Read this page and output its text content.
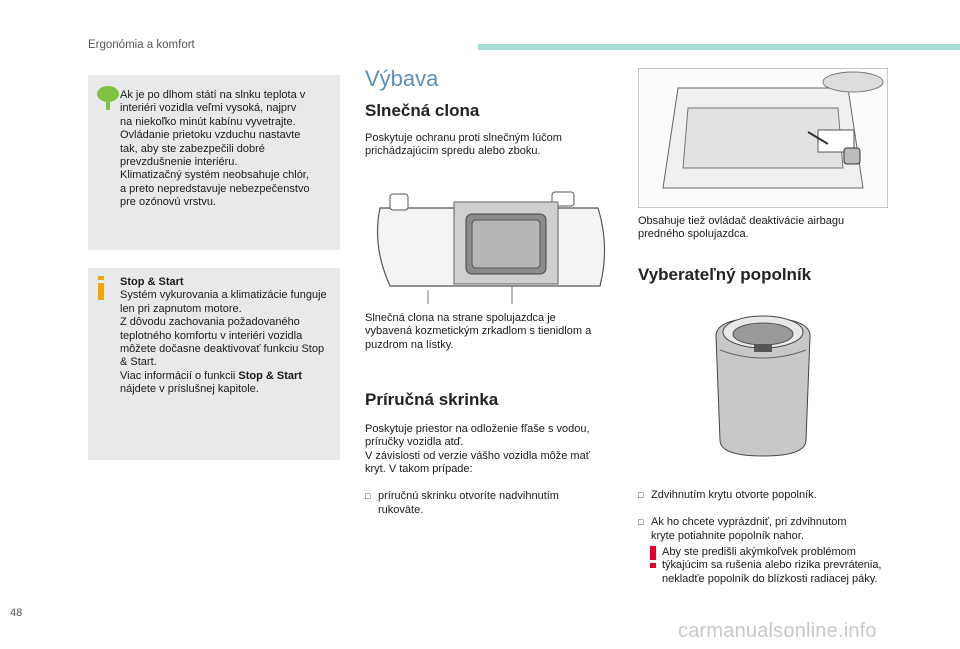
Ergonómia a komfort
Ak je po dlhom státí na slnku teplota v
interiéri vozidla veľmi vysoká, najprv
na niekoľko minút kabínu vyvetrajte.
Ovládanie prietoku vzduchu nastavte
tak, aby ste zabezpečili dobré
prevzdušnenie interiéru.
Klimatizačný systém neobsahuje chlór,
a preto nepredstavuje nebezpečenstvo
pre ozónovú vrstvu.
Stop & Start
Systém vykurovania a klimatizácie funguje
len pri zapnutom motore.
Z dôvodu zachovania požadovaného
teplotného komfortu v interiéri vozidla
môžete dočasne deaktivovať funkciu Stop
& Start.
Viac informácií o funkcii Stop & Start
nájdete v príslušnej kapitole.
Výbava
Slnečná clona
Poskytuje ochranu proti slnečným lúčom
prichádzajúcim spredu alebo zboku.
Slnečná clona na strane spolujazdca je
vybavená kozmetickým zrkadlom s tienidlom a
puzdrom na lístky.
Príručná skrinka
Poskytuje priestor na odloženie fľaše s vodou,
príručky vozidla atď.
V závislosti od verzie vášho vozidla môže mať
kryt. V takom prípade:

□ príručnú skrinku otvoríte nadvihnutím
rukoväte.

Obsahuje tiež ovládač deaktivácie airbagu
predného spolujazdca.
Vyberateľný popolník

□ Zdvihnutím krytu otvorte popolník.

□ Ak ho chcete vyprázdniť, pri zdvihnutom
kryte potiahnite popolník nahor.

Aby ste predišli akýmkoľvek problémom týkajúcim sa rušenia alebo rizika prevrátenia, nekladťe popolník do blízkosti radiacej páky.
48
carmanualsonline.info
